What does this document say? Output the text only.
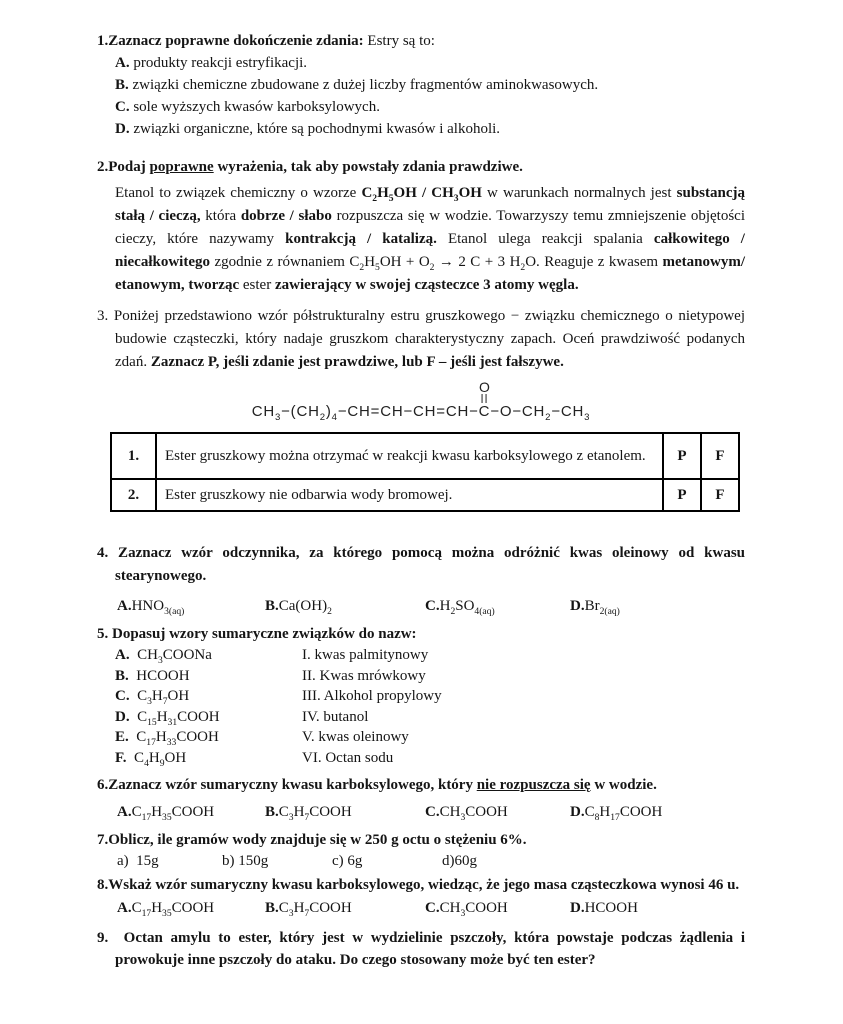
1.Zaznacz poprawne dokończenie zdania: Estry są to:
A. produkty reakcji estryfikacji.
B. związki chemiczne zbudowane z dużej liczby fragmentów aminokwasowych.
C. sole wyższych kwasów karboksylowych.
D. związki organiczne, które są pochodnymi kwasów i alkoholi.
2.Podaj poprawne wyrażenia, tak aby powstały zdania prawdziwe.
Etanol to związek chemiczny o wzorze $C_2H_5OH / CH_3OH$ w warunkach normalnych jest substancją stałą / cieczą, która dobrze / słabo rozpuszcza się w wodzie. Towarzyszy temu zmniejszenie objętości cieczy, które nazywamy kontrakcją / katalizą. Etanol ulega reakcji spalania całkowitego / niecałkowitego zgodnie z równaniem $C_2H_5OH + O_2 \to 2$ C + 3 $H_2O$. Reaguje z kwasem metanowym/ etanowym, tworząc ester zawierający w swojej cząsteczce 3 atomy węgla.
3. Poniżej przedstawiono wzór półstrukturalny estru gruszkowego − związku chemicznego o nietypowej budowie cząsteczki, który nadaje gruszkom charakterystyczny zapach. Oceń prawdziwość podanych zdań. Zaznacz P, jeśli zdanie jest prawdziwe, lub F – jeśli jest fałszywe.
$CH_3-(CH_2)_4-CH=CH-CH=CH-$
O
$C-O-CH_2-CH_3$
1.	Ester gruszkowy można otrzymać w reakcji kwasu karboksylowego z etanolem.	P	F
2.	Ester gruszkowy nie odbarwia wody bromowej.	P	F
4. Zaznacz wzór odczynnika, za którego pomocą można odróżnić kwas oleinowy od kwasu stearynowego.
$A.HNO_{3(aq)}$	$B.Ca(OH)_2$	$C.H_2SO_{4(aq)}$	$D.Br_{2(aq)}$
5. Dopasuj wzory sumaryczne związków do nazw:
A.  $CH_3COONa$	I. kwas palmitynowy
B.  HCOOH	II. Kwas mrówkowy
C.  $C_3H_7OH$	III. Alkohol propylowy
D.  $C_{15}H_{31}COOH$	IV. butanol
E.  $C_{17}H_{33}COOH$	V. kwas oleinowy
F.  $C_4H_9OH$	VI. Octan sodu
6.Zaznacz wzór sumaryczny kwasu karboksylowego, który nie rozpuszcza się w wodzie.
$A.C_{17}H_{35}COOH$	$B.C_3H_7COOH$	$C.CH_3COOH$	$D.C_8H_{17}COOH$
7.Oblicz, ile gramów wody znajduje się w 250 g octu o stężeniu 6%.
a)  15g	b) 150g	c) 6g	d)60g
8.Wskaż wzór sumaryczny kwasu karboksylowego, wiedząc, że jego masa cząsteczkowa wynosi 46 u.
$A.C_{17}H_{35}COOH$	$B.C_3H_7COOH$	$C.CH_3COOH$	D.HCOOH
9.  Octan amylu to ester, który jest w wydzielinie pszczoły, która powstaje podczas żądlenia i prowokuje inne pszczoły do ataku. Do czego stosowany może być ten ester?
